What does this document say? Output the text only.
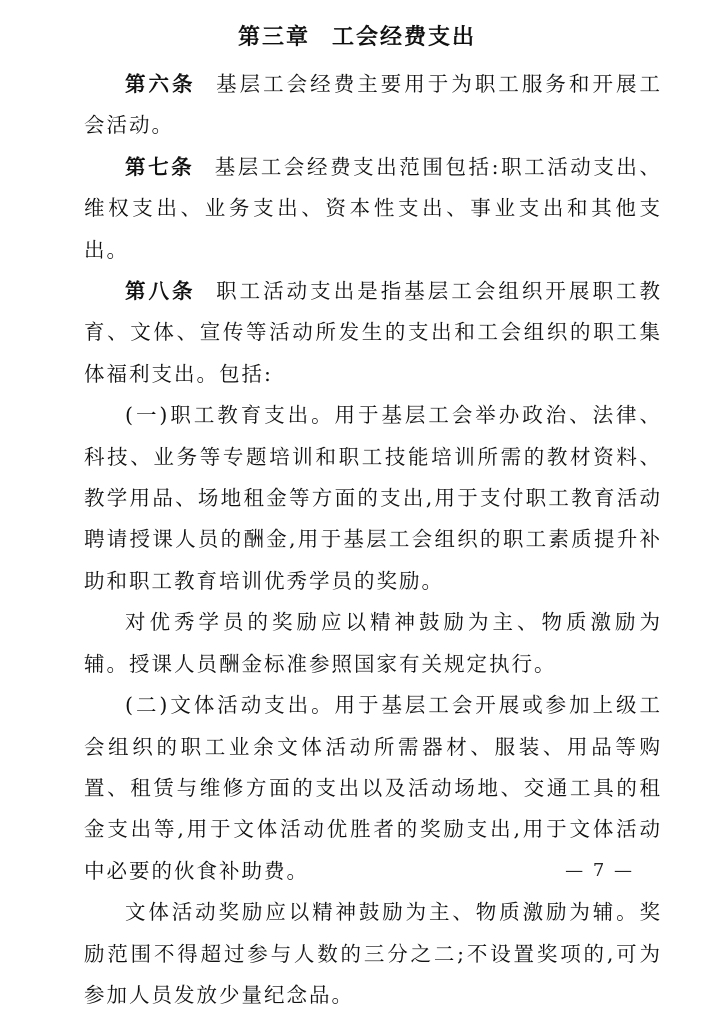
第三章 工会经费支出

第六条 基层工会经费主要用于为职工服务和开展工会活动。

第七条 基层工会经费支出范围包括:职工活动支出、维权支出、业务支出、资本性支出、事业支出和其他支出。

第八条 职工活动支出是指基层工会组织开展职工教育、文体、宣传等活动所发生的支出和工会组织的职工集体福利支出。包括:

(一)职工教育支出。用于基层工会举办政治、法律、科技、业务等专题培训和职工技能培训所需的教材资料、教学用品、场地租金等方面的支出,用于支付职工教育活动聘请授课人员的酬金,用于基层工会组织的职工素质提升补助和职工教育培训优秀学员的奖励。

对优秀学员的奖励应以精神鼓励为主、物质激励为辅。授课人员酬金标准参照国家有关规定执行。

(二)文体活动支出。用于基层工会开展或参加上级工会组织的职工业余文体活动所需器材、服装、用品等购置、租赁与维修方面的支出以及活动场地、交通工具的租金支出等,用于文体活动优胜者的奖励支出,用于文体活动中必要的伙食补助费。

文体活动奖励应以精神鼓励为主、物质激励为辅。奖励范围不得超过参与人数的三分之二;不设置奖项的,可为参加人员发放少量纪念品。

— 7 —
